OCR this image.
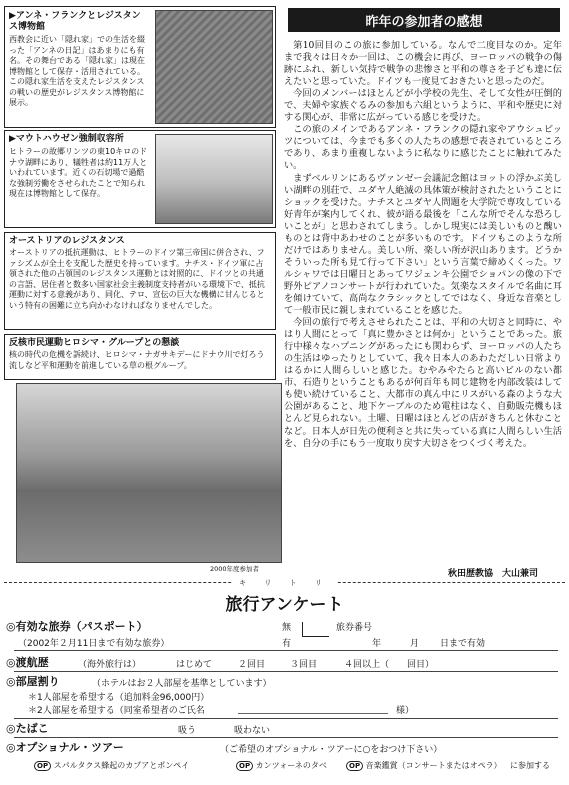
▶アンネ・フランクとレジスタンス博物館
西教会に近い「隠れ家」での生活を綴った「アンネの日記」はあまりにも有名。その舞台である「隠れ家」は現在博物館として保存・活用されている。この隠れ家生活を支えたレジスタンスの戦いの歴史がレジスタンス博物館に展示。
▶マウトハウゼン強制収容所
ヒトラーの故郷リンツの東10キロのドナウ湖畔にあり、犠牲者は約11万人といわれています。近くの石切場で過酷な強制労働をさせられたことで知られ現在は博物館として保存。
オーストリアのレジスタンス
オーストリアの抵抗運動は、ヒトラーのドイツ第三帝国に併合され、ファシズムが全土を支配した歴史を持っています。ナチス・ドイツ軍に占領された他の占領国のレジスタンス運動とは対照的に、ドイツとの共通の言語、居住者と数多い国家社会主義制度支持者がいる環境下で、抵抗運動に対する意義があり、同化、テロ、宣伝の巨大な機構に甘んじるという特有の困難に立ち向かわなければなりませんでした。
反核市民運動ヒロシマ・グループとの懇談
核の時代の危機を訴続け、ヒロシマ・ナガサキデーにドナウ川で灯ろう流しなど平和運動を前進している草の根グループ。
2000年度参加者
昨年の参加者の感想

第10回目のこの旅に参加している。なんで二度目なのか。定年まで我々は日々か一回は、この機会に再び、ヨーロッパの戦争の傷跡にふれ、新しい気持で戦争の悲惨さと平和の尊さを子ども達に伝えたいと思っていた。ドイツも一度見ておきたいと思ったのだ。

今回のメンバーはほとんどが小学校の先生、そして女性が圧倒的で、夫婦や家族ぐるみの参加も六組というように、平和や歴史に対する関心が、非常に広がっている感じを受けた。

この旅のメインであるアンネ・フランクの隠れ家やアウシュビッツについては、今までも多くの人たちの感想で表されているところであり、あまり重複しないように私なりに感じたことに触れてみたい。

まずベルリンにあるヴァンゼー会議記念館はヨットの浮かぶ美しい湖畔の別荘で、ユダヤ人絶滅の具体策が検討されたということにショックを受けた。ナチスとユダヤ人問題を大学院で専攻している好青年が案内してくれ、彼が語る最後を「こんな所でそんな恐ろしいことが」と思わされてしまう。しかし現実には美しいものと醜いものとは背中あわせのことが多いものです。ドイツもこのような所だけではありません。美しい所、楽しい所が沢山あります。どうかそういった所も見て行って下さい」という言葉で締めくくった。ワルシャワでは日曜日とあってワジェンキ公園でショパンの像の下で野外ピアノコンサートが行われていた。気楽なスタイルで名曲に耳を傾けていて、高尚なクラシックとしてではなく、身近な音楽として一般市民に親しまれていることを感じた。

今回の旅行で考えさせられたことは、平和の大切さと同時に、やはり人間にとって「真に豊かさとは何か」ということであった。旅行中様々なハプニングがあったにも関わらず、ヨーロッパの人たちの生活はゆったりとしていて、我々日本人のあわただしい日常よりはるかに人間らしいと感じた。むやみやたらと高いビルのない都市、石造りということもあるが何百年も同じ建物を内部改装はしても使い続けていること、大都市の真ん中にリスがいる森のような大公園があること、地下ケーブルのため電柱はなく、自動販売機もほとんど見られない。土曜、日曜はほとんどの店がきちんと休むことなど。日本人が日先の便利さと共に失っている真に人間らしい生活を、自分の手にもう一度取り戻す大切さをつくづく考えた。

秋田歴教協　大山兼司
キ リ ト リ
旅行アンケート
◎有効な旅券（パスポート）
（2002年２月11日まで有効な旅券）
無
有
旅券番号
年	月 日まで有効
◎渡航歴	（海外旅行は）	はじめて	２回目	３回目	４回以上（　　回目）
◎部屋割り	（ホテルはお２人部屋を基準としています）
＊1人部屋を希望する（追加料金96,000円）
＊2人部屋を希望する（同室希望者のご氏名	様）
◎たばこ	吸う	吸わない
◎オプショナル・ツアー	（ご希望のオプショナル・ツアーに○をおつけ下さい）
OP スパルタクス蜂起のカプアとポンペイ	OP カンツォーネのタベ	OP 音楽鑑賞（コンサートまたはオペラ） に参加する
